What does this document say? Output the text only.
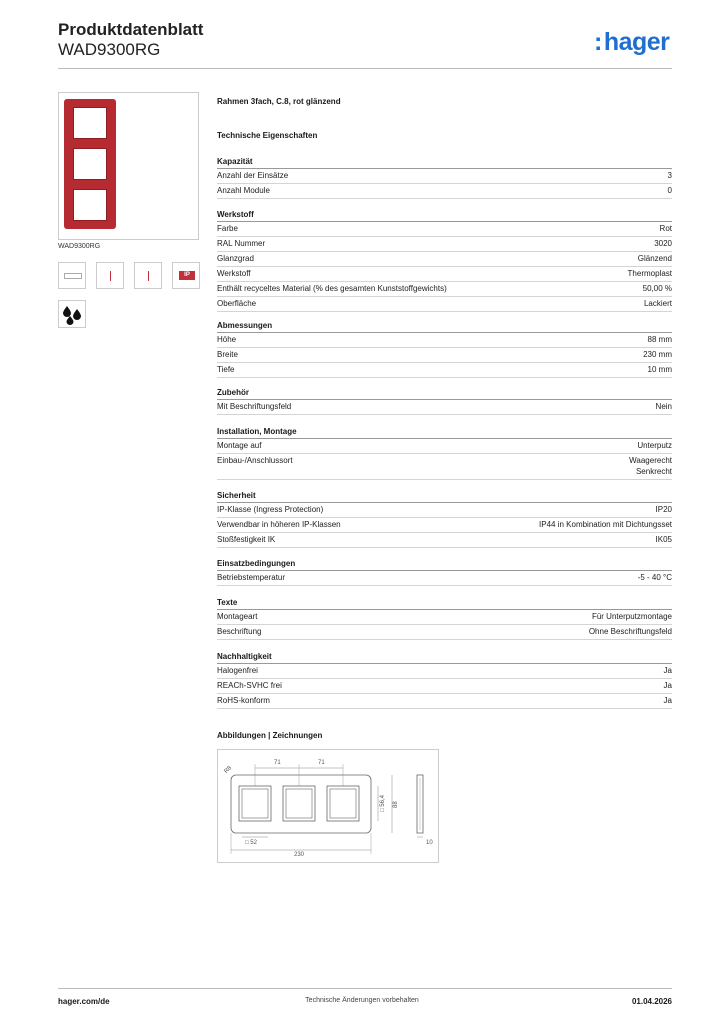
Produktdatenblatt
WAD9300RG	:hager
WAD9300RG
IP
Rahmen 3fach, C.8, rot glänzend
Technische Eigenschaften
Kapazität
Anzahl der Einsätze	3
Anzahl Module	0
Werkstoff
Farbe	Rot
RAL Nummer	3020
Glanzgrad	Glänzend
Werkstoff	Thermoplast
Enthält recyceltes Material (% des gesamten Kunststoffgewichts)	50,00 %
Oberfläche	Lackiert
Abmessungen
Höhe	88 mm
Breite	230 mm
Tiefe	10 mm
Zubehör
Mit Beschriftungsfeld	Nein
Installation, Montage
Montage auf	Unterputz
Einbau-/Anschlussort	Waagerecht
Senkrecht
Sicherheit
IP-Klasse (Ingress Protection)	IP20
Verwendbar in höheren IP-Klassen	IP44 in Kombination mit Dichtungsset
Stoßfestigkeit IK	IK05
Einsatzbedingungen
Betriebstemperatur	-5 - 40 °C
Texte
Montageart	Für Unterputzmontage
Beschriftung	Ohne Beschriftungsfeld
Nachhaltigkeit
Halogenfrei	Ja
REACh-SVHC frei	Ja
RoHS-konform	Ja
Abbildungen | Zeichnungen
71	71
R8
□ 56,4 88
□ 52
230
10
hager.com/de	Technische Änderungen vorbehalten	01.04.2026
